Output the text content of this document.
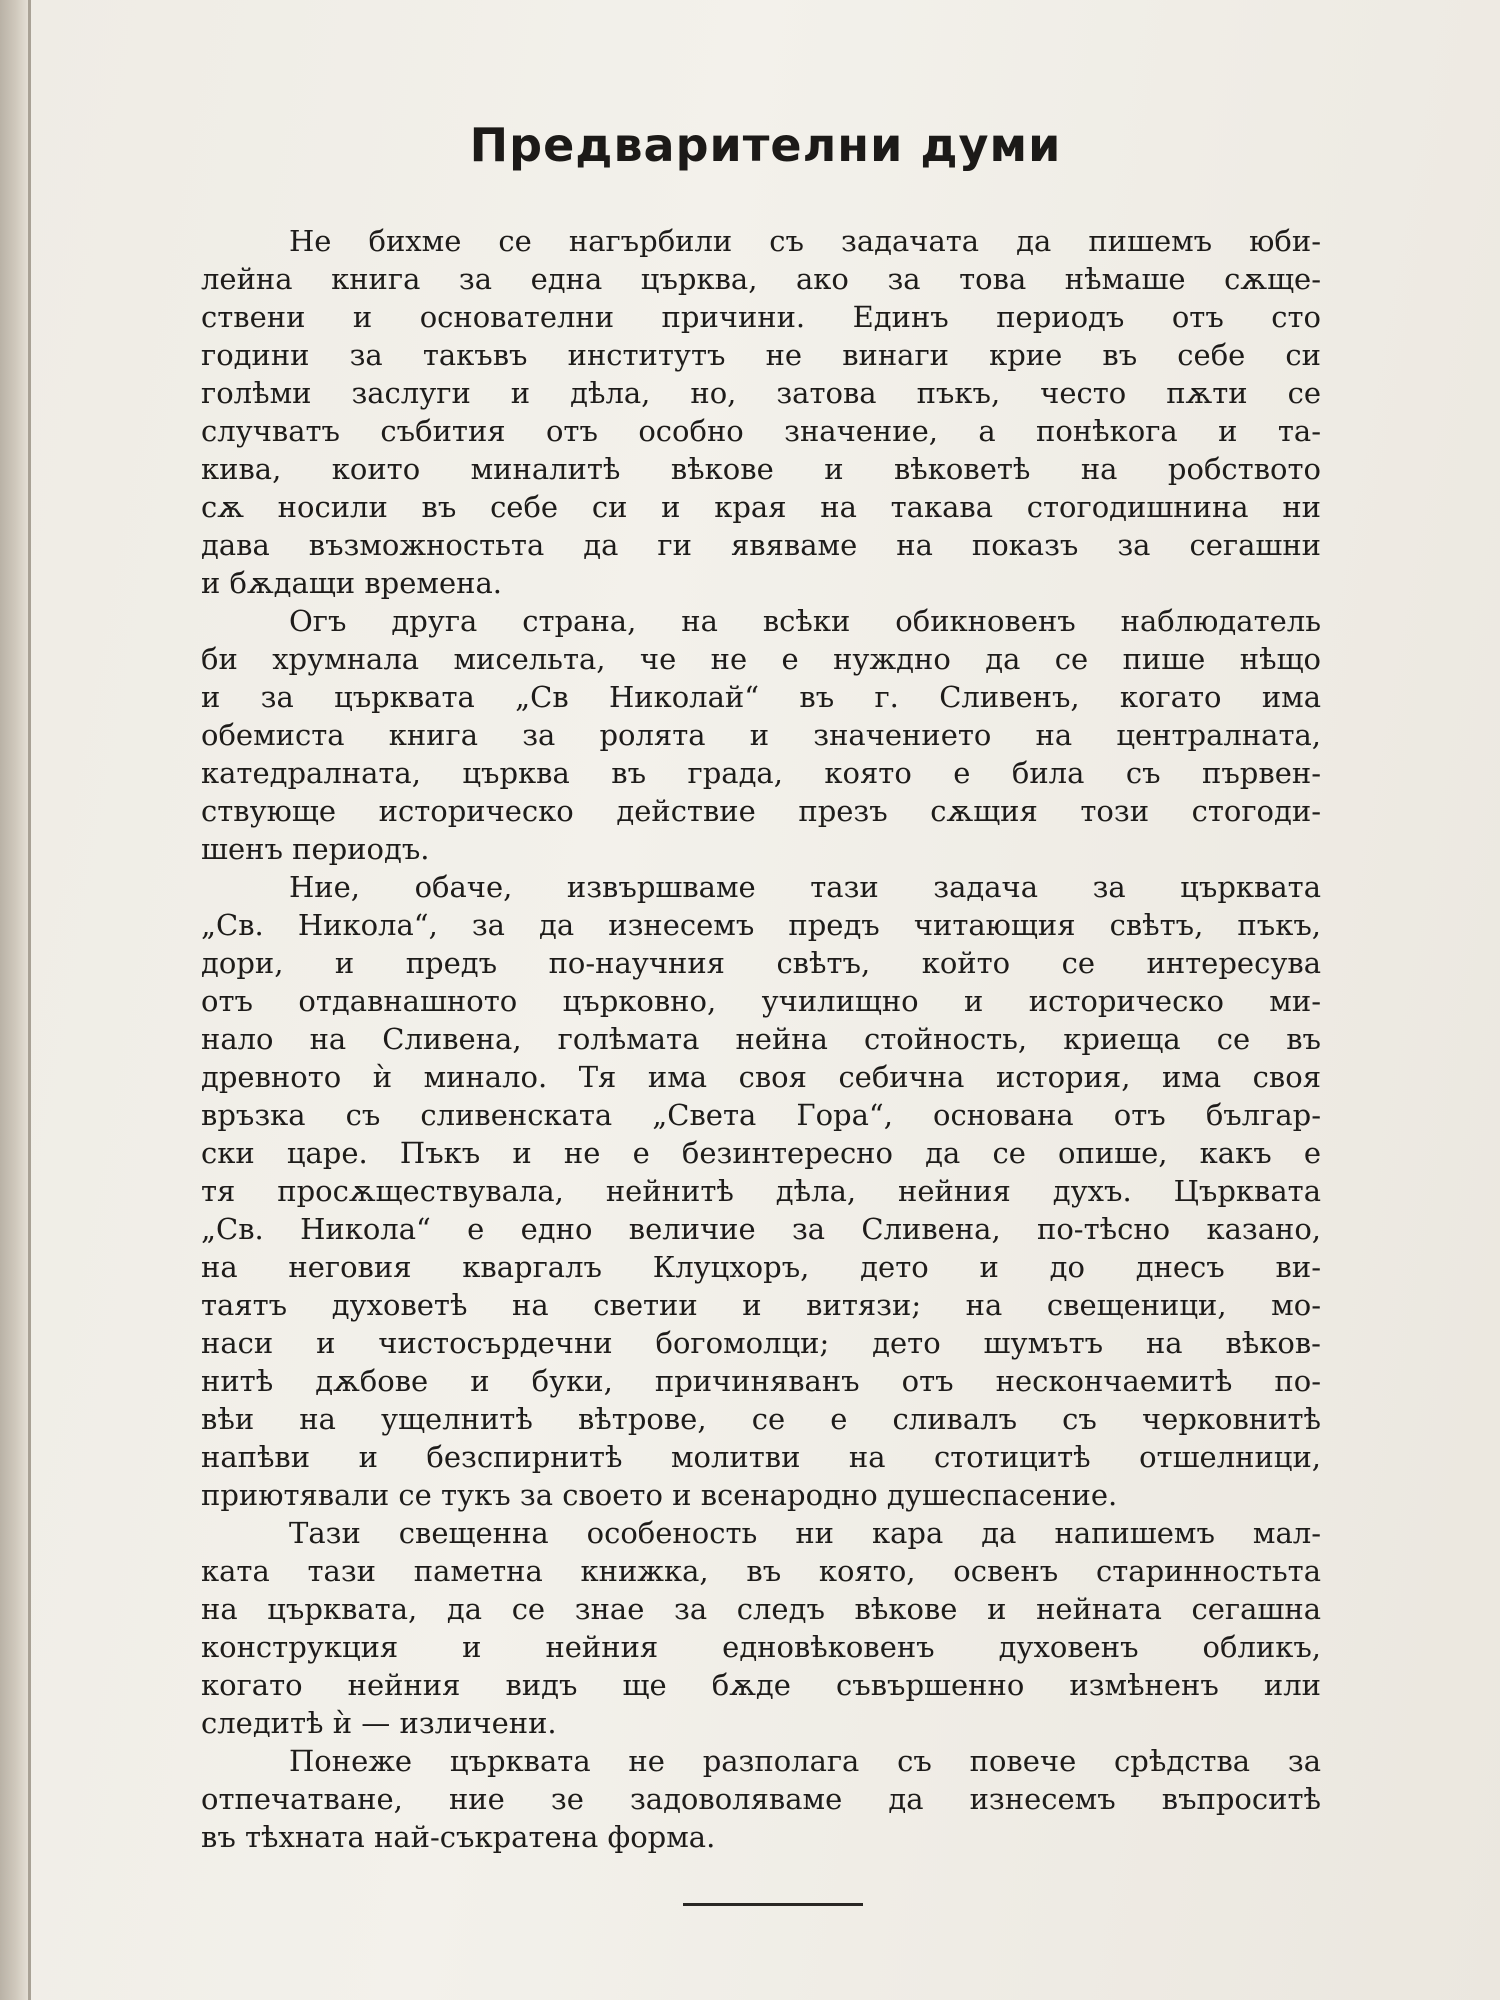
Предварителни думи

Не бихме се нагърбили съ задачата да пишемъ юби-
лейна книга за една църква, ако за това нѣмаше сѫще-
ствени и основателни причини. Единъ периодъ отъ сто
години за такъвъ институтъ не винаги крие въ себе си
голѣми заслуги и дѣла, но, затова пъкъ, често пѫти се
случватъ събития отъ особно значение, а понѣкога и та-
кива, които миналитѣ вѣкове и вѣковетѣ на робството
сѫ носили въ себе си и края на такава стогодишнина ни
дава възможностьта да ги явяваме на показъ за сегашни
и бѫдащи времена.

Огъ друга страна, на всѣки обикновенъ наблюдатель
би хрумнала мисельта, че не е нуждно да се пише нѣщо
и за църквата „Св Николай“ въ г. Сливенъ, когато има
обемиста книга за ролята и значението на централната,
катедралната, църква въ града, която е била съ първен-
ствующе историческо действие презъ сѫщия този стогоди-
шенъ периодъ.

Ние, обаче, извършваме тази задача за църквата
„Св. Никола“, за да изнесемъ предъ читающия свѣтъ, пъкъ,
дори, и предъ по-научния свѣтъ, който се интересува
отъ отдавнашното църковно, училищно и историческо ми-
нало на Сливена, голѣмата нейна стойность, криеща се въ
древното ѝ минало. Тя има своя себична история, има своя
връзка съ сливенската „Света Гора“, основана отъ българ-
ски царе. Пъкъ и не е безинтересно да се опише, какъ е
тя просѫществувала, нейнитѣ дѣла, нейния духъ. Църквата
„Св. Никола“ е едно величие за Сливена, по-тѣсно казано,
на неговия кваргалъ Клуцхоръ, дето и до днесъ ви-
таятъ духоветѣ на светии и витязи; на свещеници, мо-
наси и чистосърдечни богомолци; дето шумътъ на вѣков-
нитѣ дѫбове и буки, причиняванъ отъ нескончаемитѣ по-
вѣи на ущелнитѣ вѣтрове, се е сливалъ съ черковнитѣ
напѣви и безспирнитѣ молитви на стотицитѣ отшелници,
приютявали се тукъ за своето и всенародно душеспасение.

Тази свещенна особеность ни кара да напишемъ мал-
ката тази паметна книжка, въ която, освенъ старинностьта
на църквата, да се знае за следъ вѣкове и нейната сегашна
конструкция и нейния едновѣковенъ духовенъ обликъ,
когато нейния видъ ще бѫде съвършенно измѣненъ или
следитѣ ѝ — изличени.

Понеже църквата не разполага съ повече срѣдства за
отпечатване, ние зе задоволяваме да изнесемъ въпроситѣ
въ тѣхната най-съкратена форма.
